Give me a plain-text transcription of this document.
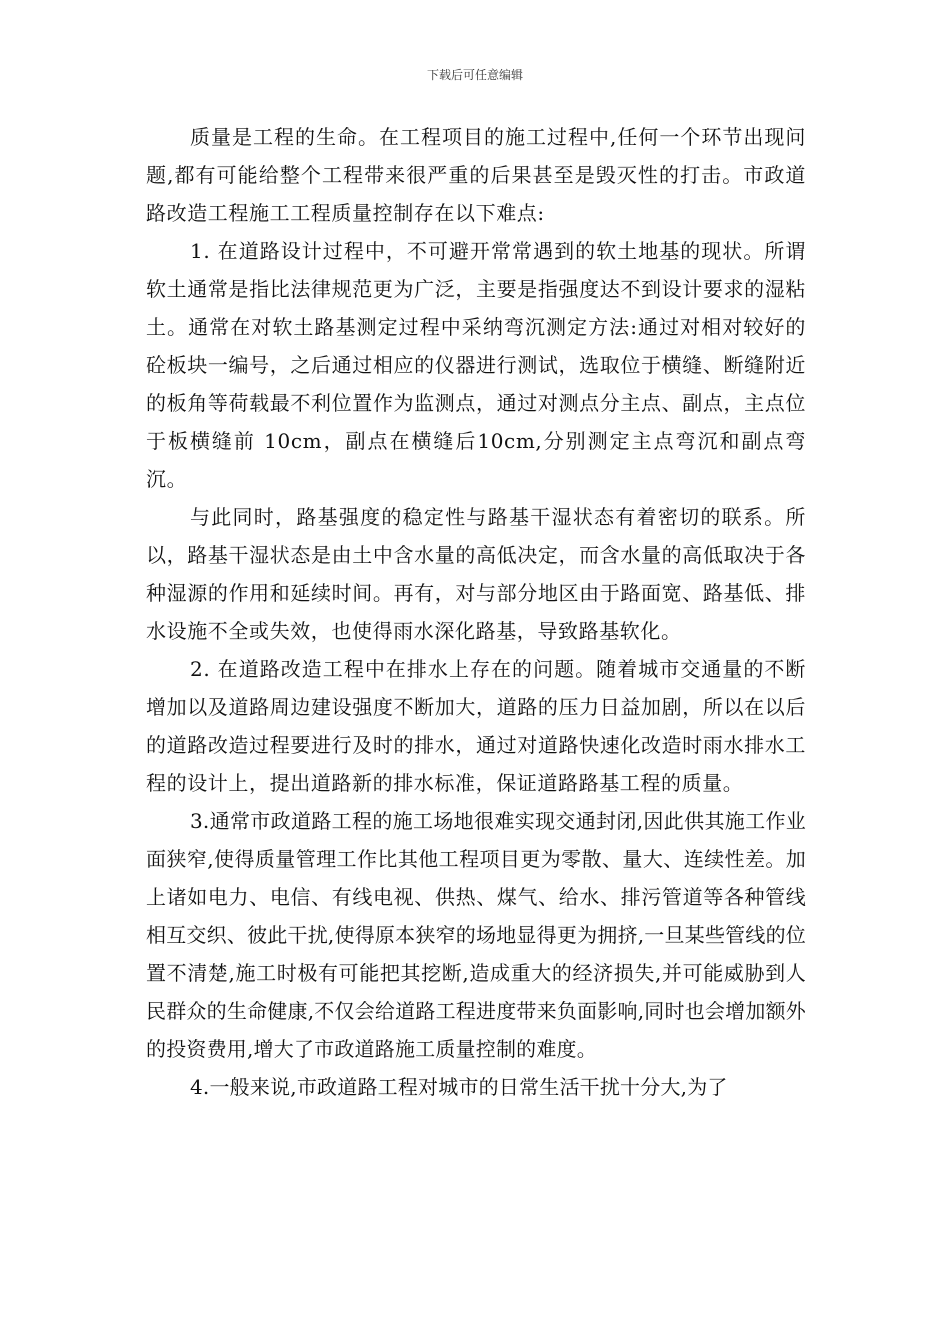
下载后可任意编辑

质量是工程的生命。在工程项目的施工过程中,任何一个环节出现问题,都有可能给整个工程带来很严重的后果甚至是毁灭性的打击。市政道路改造工程施工工程质量控制存在以下难点:

1. 在道路设计过程中，不可避开常常遇到的软土地基的现状。所谓软土通常是指比法律规范更为广泛，主要是指强度达不到设计要求的湿粘土。通常在对软土路基测定过程中采纳弯沉测定方法:通过对相对较好的砼板块一编号，之后通过相应的仪器进行测试，选取位于横缝、断缝附近的板角等荷载最不利位置作为监测点，通过对测点分主点、副点，主点位于板横缝前 10cm，副点在横缝后10cm,分别测定主点弯沉和副点弯沉。

与此同时，路基强度的稳定性与路基干湿状态有着密切的联系。所以，路基干湿状态是由土中含水量的高低决定，而含水量的高低取决于各种湿源的作用和延续时间。再有，对与部分地区由于路面宽、路基低、排水设施不全或失效，也使得雨水深化路基，导致路基软化。

2. 在道路改造工程中在排水上存在的问题。随着城市交通量的不断增加以及道路周边建设强度不断加大，道路的压力日益加剧，所以在以后的道路改造过程要进行及时的排水，通过对道路快速化改造时雨水排水工程的设计上，提出道路新的排水标准，保证道路路基工程的质量。

3.通常市政道路工程的施工场地很难实现交通封闭,因此供其施工作业面狭窄,使得质量管理工作比其他工程项目更为零散、量大、连续性差。加上诸如电力、电信、有线电视、供热、煤气、给水、排污管道等各种管线相互交织、彼此干扰,使得原本狭窄的场地显得更为拥挤,一旦某些管线的位置不清楚,施工时极有可能把其挖断,造成重大的经济损失,并可能威胁到人民群众的生命健康,不仅会给道路工程进度带来负面影响,同时也会增加额外的投资费用,增大了市政道路施工质量控制的难度。

4.一般来说,市政道路工程对城市的日常生活干扰十分大,为了
